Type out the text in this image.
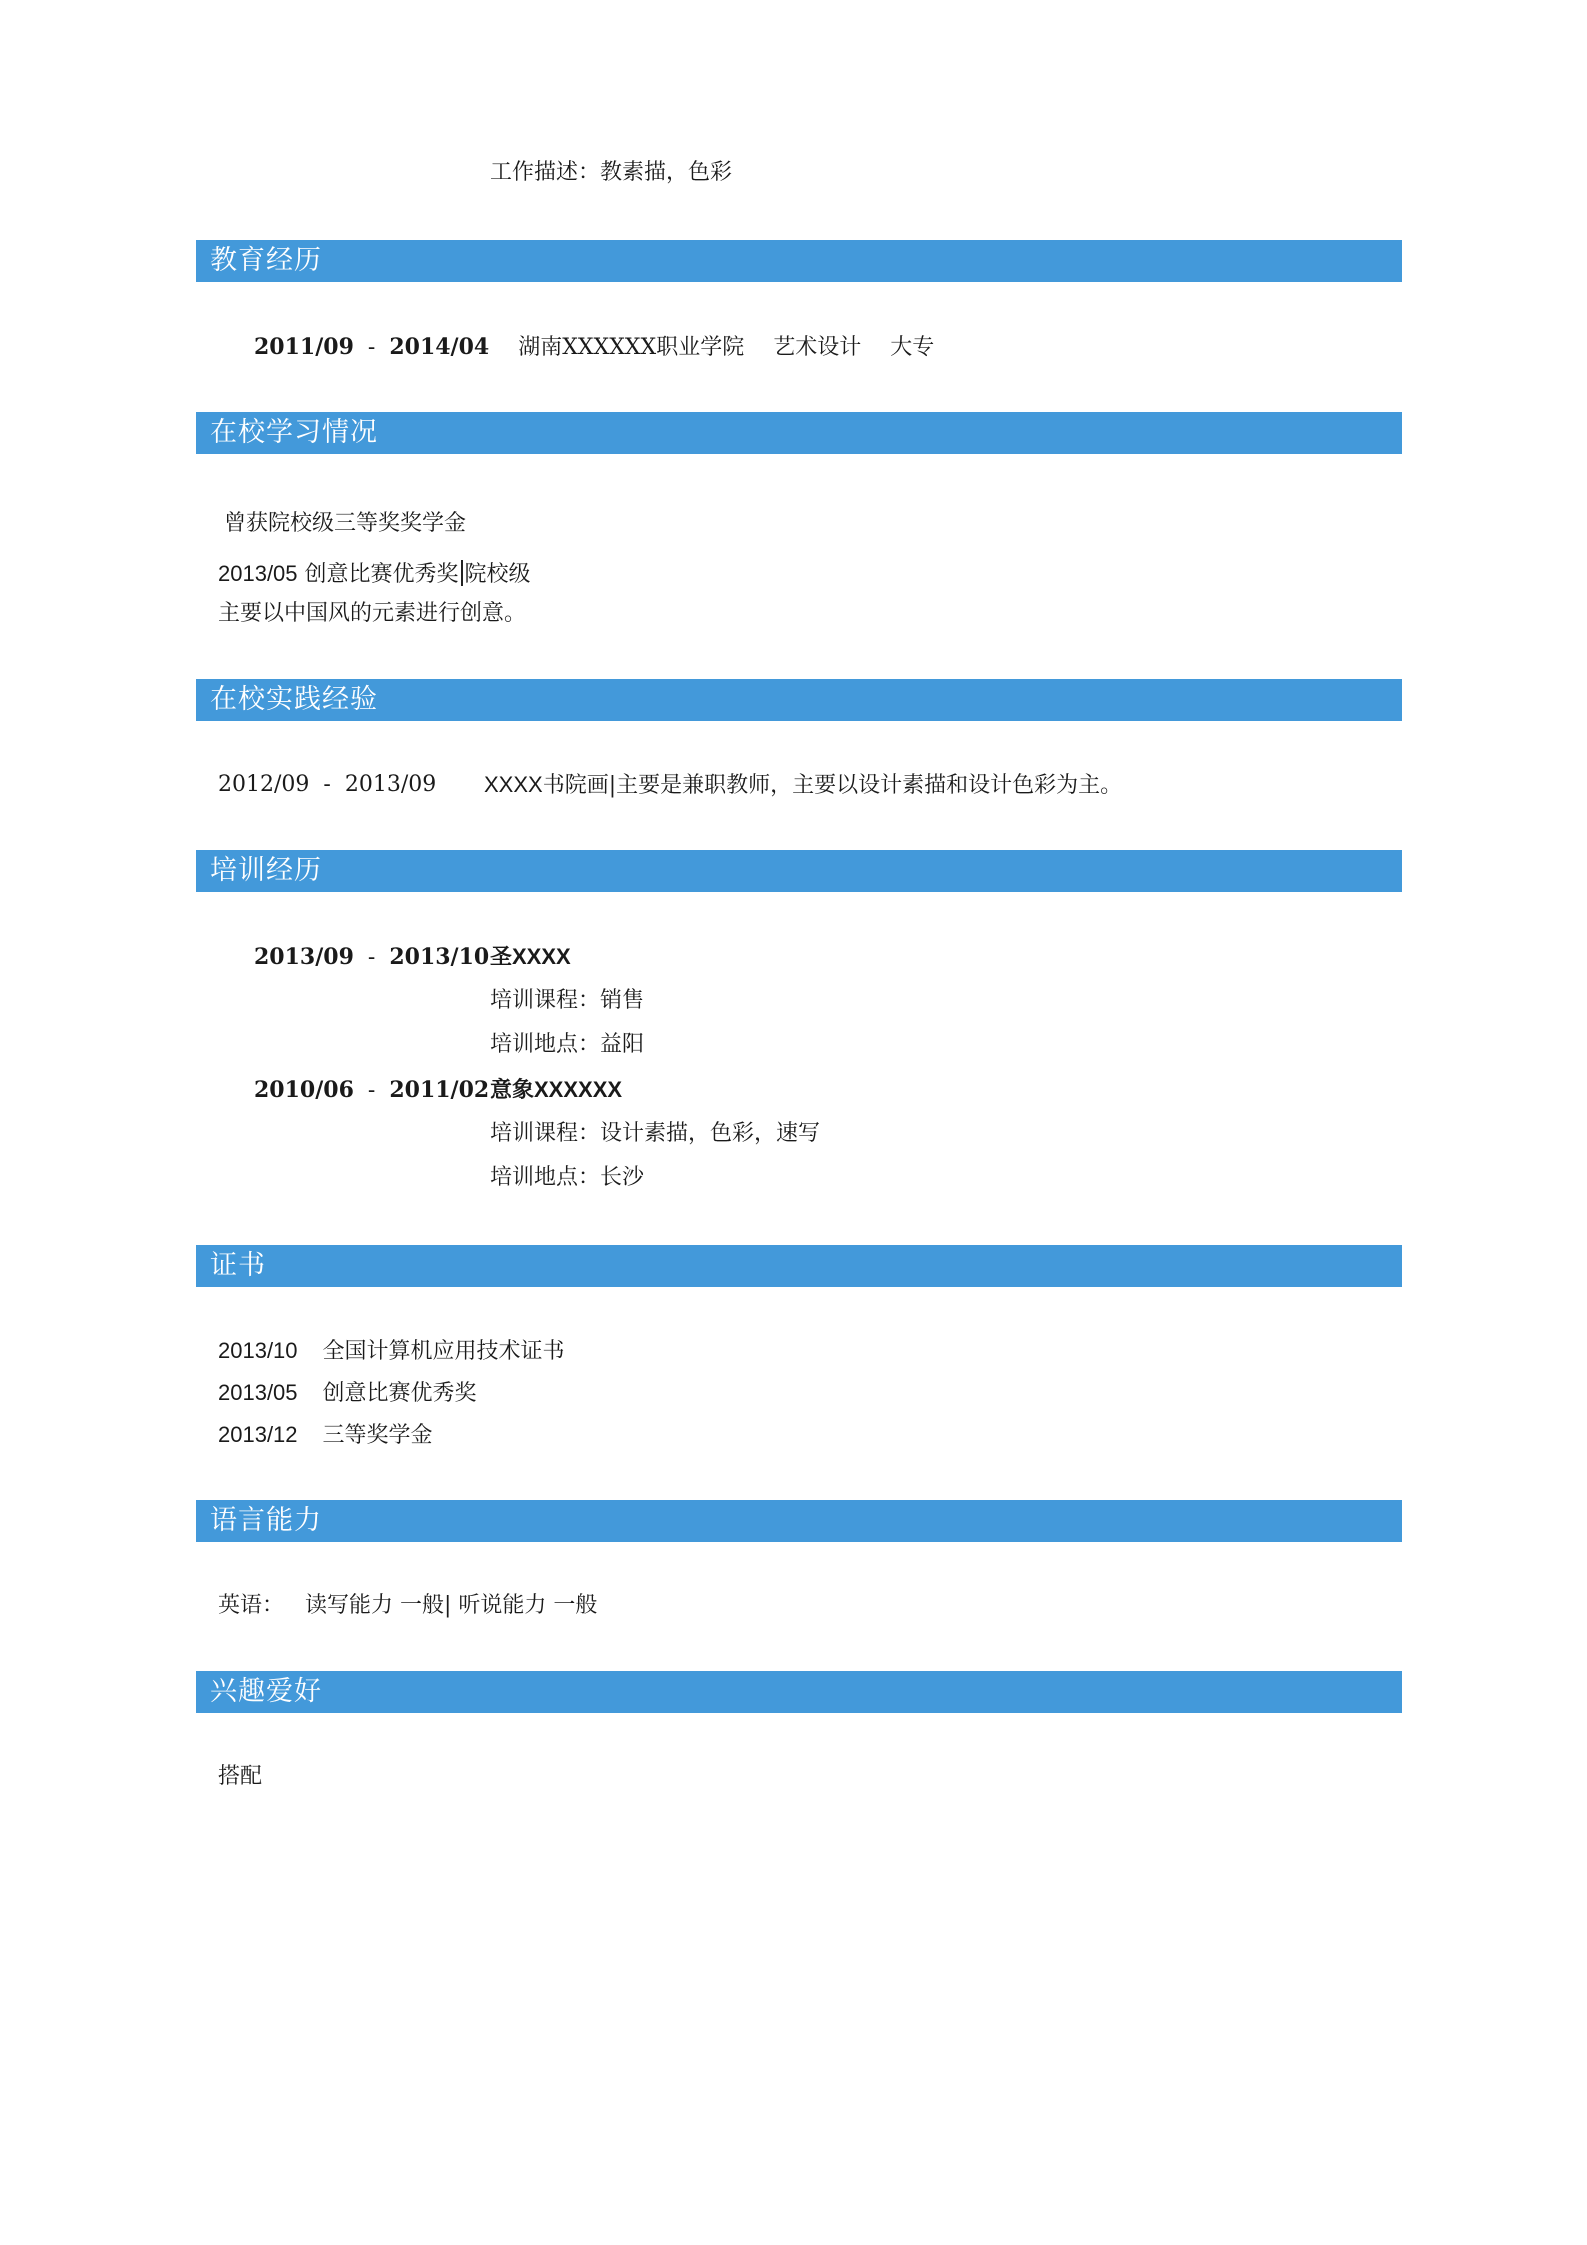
工作描述：教素描，色彩
教育经历
2011/09 - 2014/04 湖南XXXXXX职业学院 艺术设计 大专
在校学习情况
曾获院校级三等奖奖学金
2013/05 创意比赛优秀奖 院校级
主要以中国风的元素进行创意。
在校实践经验
2012/09 - 2013/09 XXXX书院画|主要是兼职教师，主要以设计素描和设计色彩为主。
培训经历
2013/09 - 2013/10 圣XXXX
培训课程：销售
培训地点：益阳
2010/06 - 2011/02 意象XXXXXX
培训课程：设计素描，色彩，速写
培训地点：长沙
证书
2013/10 全国计算机应用技术证书
2013/05 创意比赛优秀奖
2013/12 三等奖学金
语言能力
英语： 读写能力 一般| 听说能力 一般
兴趣爱好
搭配
